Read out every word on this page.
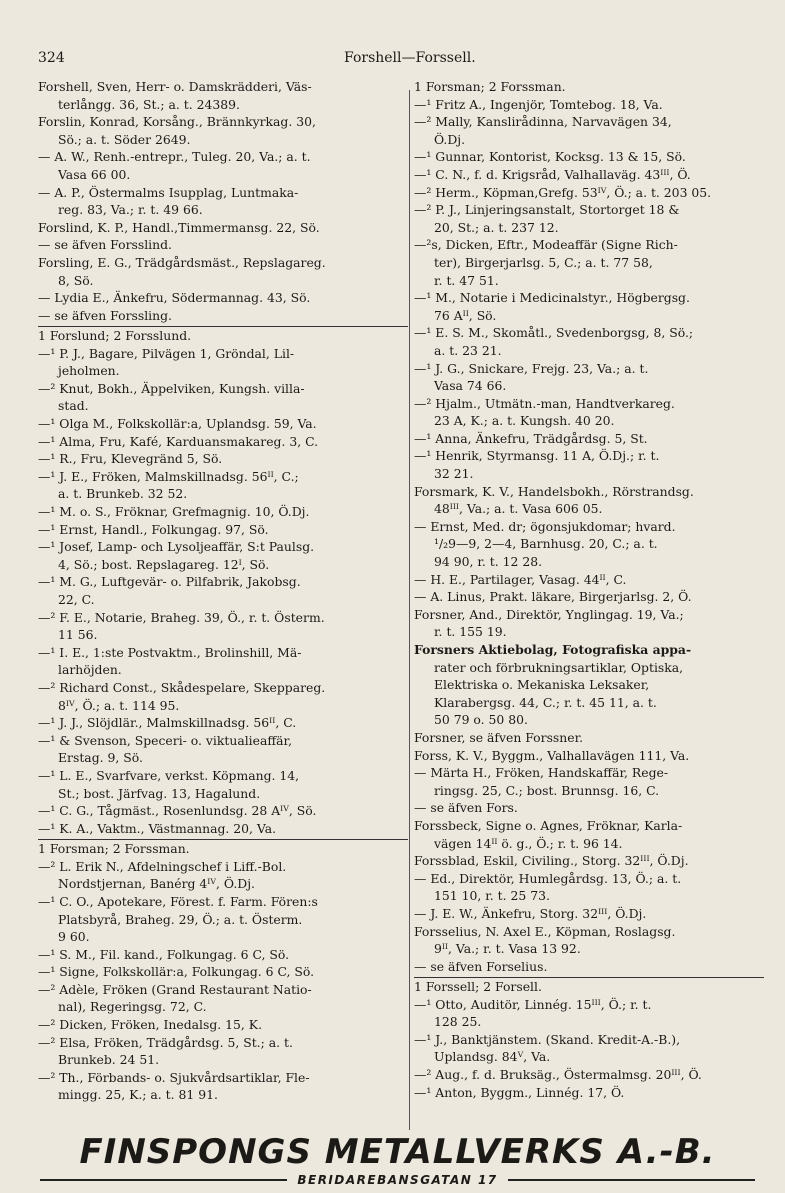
324	Forshell—Forssell.
Forshell, Sven, Herr- o. Damskrädderi, Väs-
terlångg. 36, St.; a. t. 24389.
Forslin, Konrad, Korsång., Brännkyrkag. 30,
Sö.; a. t. Söder 2649.
— A. W., Renh.-entrepr., Tuleg. 20, Va.; a. t.
Vasa 66 00.
— A. P., Östermalms Isupplag, Luntmaka-
reg. 83, Va.; r. t. 49 66.
Forslind, K. P., Handl.,Timmermansg. 22, Sö.
— se äfven Forsslind.
Forsling, E. G., Trädgårdsmäst., Repslagareg.
8, Sö.
— Lydia E., Änkefru, Södermannag. 43, Sö.
— se äfven Forssling.
1 Forslund; 2 Forsslund.
—¹ P. J., Bagare, Pilvägen 1, Gröndal, Lil-
jeholmen.
—² Knut, Bokh., Äppelviken, Kungsh. villa-
stad.
—¹ Olga M., Folkskollär:a, Uplandsg. 59, Va.
—¹ Alma, Fru, Kafé, Karduansmakareg. 3, C.
—¹ R., Fru, Klevegränd 5, Sö.
—¹ J. E., Fröken, Malmskillnadsg. 56ᴵᴵ, C.;
a. t. Brunkeb. 32 52.
—¹ M. o. S., Fröknar, Grefmagnig. 10, Ö.Dj.
—¹ Ernst, Handl., Folkungag. 97, Sö.
—¹ Josef, Lamp- och Lysoljeaffär, S:t Paulsg.
4, Sö.; bost. Repslagareg. 12ᴵ, Sö.
—¹ M. G., Luftgevär- o. Pilfabrik, Jakobsg.
22, C.
—² F. E., Notarie, Braheg. 39, Ö., r. t. Österm.
11 56.
—¹ I. E., 1:ste Postvaktm., Brolinshill, Mä-
larhöjden.
—² Richard Const., Skådespelare, Skeppareg.
8ᴵⱽ, Ö.; a. t. 114 95.
—¹ J. J., Slöjdlär., Malmskillnadsg. 56ᴵᴵ, C.
—¹ & Svenson, Speceri- o. viktualieaffär,
Erstag. 9, Sö.
—¹ L. E., Svarfvare, verkst. Köpmang. 14,
St.; bost. Järfvag. 13, Hagalund.
—¹ C. G., Tågmäst., Rosenlundsg. 28 Aᴵⱽ, Sö.
—¹ K. A., Vaktm., Västmannag. 20, Va.
1 Forsman; 2 Forssman.
—² L. Erik N., Afdelningschef i Liff.-Bol.
Nordstjernan, Banérg 4ᴵⱽ, Ö.Dj.
—¹ C. O., Apotekare, Förest. f. Farm. Fören:s
Platsbyrå, Braheg. 29, Ö.; a. t. Österm.
9 60.
—¹ S. M., Fil. kand., Folkungag. 6 C, Sö.
—¹ Signe, Folkskollär:a, Folkungag. 6 C, Sö.
—² Adèle, Fröken (Grand Restaurant Natio-
nal), Regeringsg. 72, C.
—² Dicken, Fröken, Inedalsg. 15, K.
—² Elsa, Fröken, Trädgårdsg. 5, St.; a. t.
Brunkeb. 24 51.
—² Th., Förbands- o. Sjukvårdsartiklar, Fle-
mingg. 25, K.; a. t. 81 91.
1 Forsman; 2 Forssman.
—¹ Fritz A., Ingenjör, Tomtebog. 18, Va.
—² Mally, Kanslirådinna, Narvavägen 34,
Ö.Dj.
—¹ Gunnar, Kontorist, Kocksg. 13 & 15, Sö.
—¹ C. N., f. d. Krigsråd, Valhallaväg. 43ᴵᴵᴵ, Ö.
—² Herm., Köpman,Grefg. 53ᴵⱽ, Ö.; a. t. 203 05.
—² P. J., Linjeringsanstalt, Stortorget 18 &
20, St.; a. t. 237 12.
—²s, Dicken, Eftr., Modeaffär (Signe Rich-
ter), Birgerjarlsg. 5, C.; a. t. 77 58,
r. t. 47 51.
—¹ M., Notarie i Medicinalstyr., Högbergsg.
76 Aᴵᴵ, Sö.
—¹ E. S. M., Skomåtl., Svedenborgsg, 8, Sö.;
a. t. 23 21.
—¹ J. G., Snickare, Frejg. 23, Va.; a. t.
Vasa 74 66.
—² Hjalm., Utmätn.-man, Handtverkareg.
23 A, K.; a. t. Kungsh. 40 20.
—¹ Anna, Änkefru, Trädgårdsg. 5, St.
—¹ Henrik, Styrmansg. 11 A, Ö.Dj.; r. t.
32 21.
Forsmark, K. V., Handelsbokh., Rörstrandsg.
48ᴵᴵᴵ, Va.; a. t. Vasa 606 05.
— Ernst, Med. dr; ögonsjukdomar; hvard.
¹/₂9—9, 2—4, Barnhusg. 20, C.; a. t.
94 90, r. t. 12 28.
— H. E., Partilager, Vasag. 44ᴵᴵ, C.
— A. Linus, Prakt. läkare, Birgerjarlsg. 2, Ö.
Forsner, And., Direktör, Ynglingag. 19, Va.;
r. t. 155 19.
Forsners Aktiebolag, Fotografiska appa-
rater och förbrukningsartiklar, Optiska,
Elektriska o. Mekaniska Leksaker,
Klarabergsg. 44, C.; r. t. 45 11, a. t.
50 79 o. 50 80.
Forsner, se äfven Forssner.
Forss, K. V., Byggm., Valhallavägen 111, Va.
— Märta H., Fröken, Handskaffär, Rege-
ringsg. 25, C.; bost. Brunnsg. 16, C.
— se äfven Fors.
Forssbeck, Signe o. Agnes, Fröknar, Karla-
vägen 14ᴵᴵ ö. g., Ö.; r. t. 96 14.
Forssblad, Eskil, Civiling., Storg. 32ᴵᴵᴵ, Ö.Dj.
— Ed., Direktör, Humlegårdsg. 13, Ö.; a. t.
151 10, r. t. 25 73.
— J. E. W., Änkefru, Storg. 32ᴵᴵᴵ, Ö.Dj.
Forsselius, N. Axel E., Köpman, Roslagsg.
9ᴵᴵ, Va.; r. t. Vasa 13 92.
— se äfven Forselius.
1 Forssell; 2 Forsell.
—¹ Otto, Auditör, Linnég. 15ᴵᴵᴵ, Ö.; r. t.
128 25.
—¹ J., Banktjänstem. (Skand. Kredit-A.-B.),
Uplandsg. 84ⱽ, Va.
—² Aug., f. d. Bruksäg., Östermalmsg. 20ᴵᴵᴵ, Ö.
—¹ Anton, Byggm., Linnég. 17, Ö.
FINSPONGS METALLVERKS A.-B.
BERIDAREBANSGATAN 17
